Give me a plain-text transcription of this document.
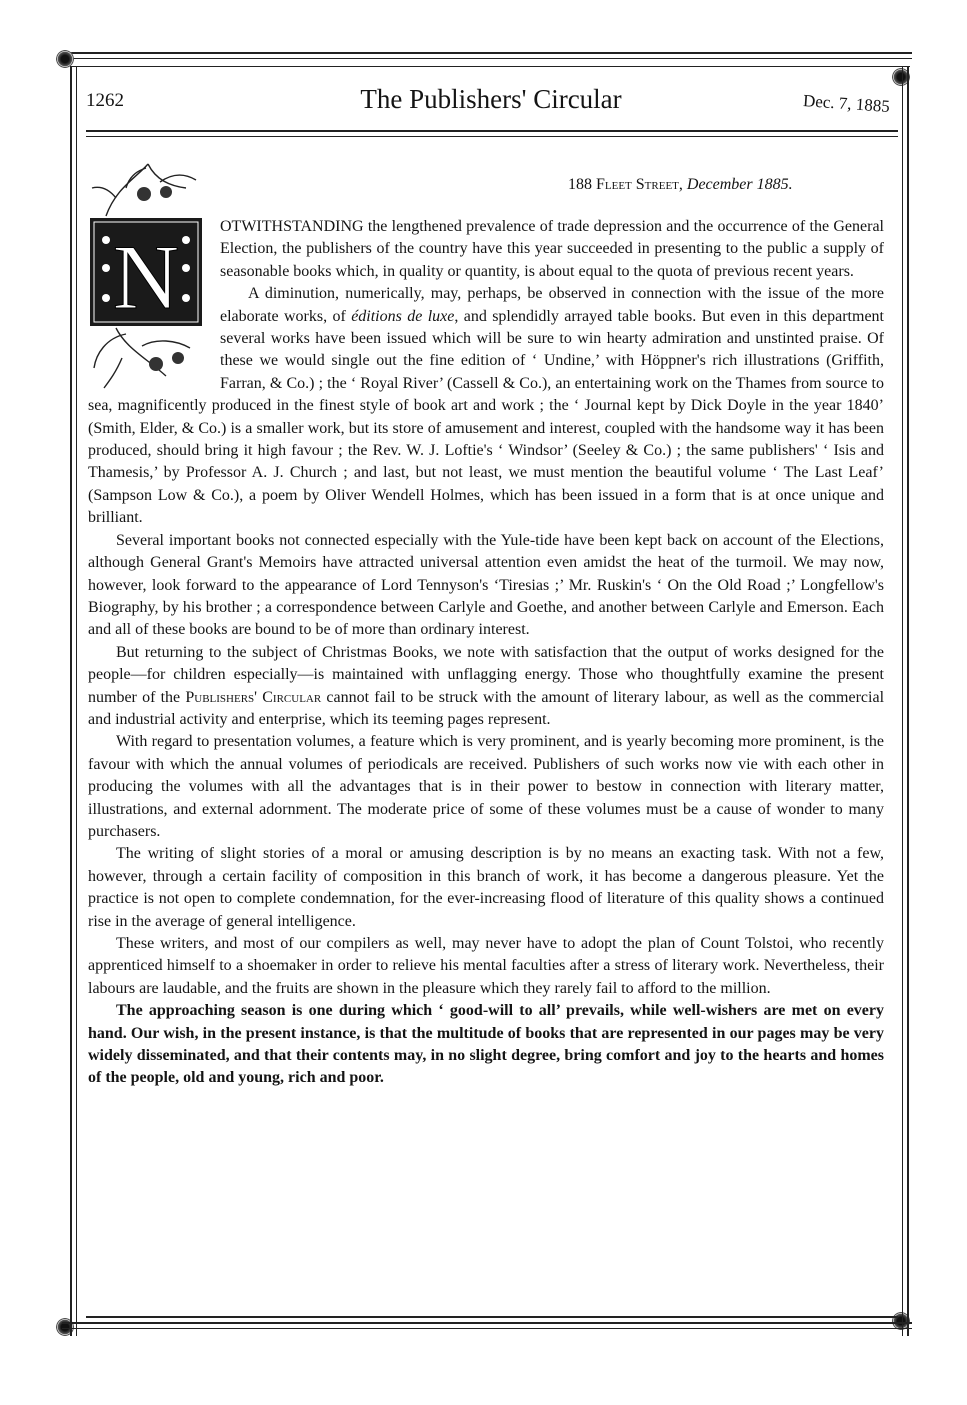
1262	The Publishers' Circular	Dec. 7, 1885
188 Fleet Street, December 1885.
N	OTWITHSTANDING the lengthened prevalence of trade depression and the occurrence of the General Election, the publishers of the country have this year succeeded in presenting to the public a supply of seasonable books which, in quality or quantity, is about equal to the quota of previous recent years.

A diminution, numerically, may, perhaps, be observed in connection with the issue of the more elaborate works, of éditions de luxe, and splendidly arrayed table books. But even in this department several works have been issued which will be sure to win hearty admiration and unstinted praise. Of these we would single out the fine edition of ‘ Undine,’ with Höppner's rich illustrations (Griffith, Farran, & Co.) ; the ‘ Royal River’ (Cassell & Co.), an entertaining work on the Thames from source to sea, magnificently produced in the finest style of book art and work ; the ‘ Journal kept by Dick Doyle in the year 1840’ (Smith, Elder, & Co.) is a smaller work, but its store of amusement and interest, coupled with the handsome way it has been produced, should bring it high favour ; the Rev. W. J. Loftie's ‘ Windsor’ (Seeley & Co.) ; the same publishers' ‘ Isis and Thamesis,’ by Professor A. J. Church ; and last, but not least, we must mention the beautiful volume ‘ The Last Leaf’ (Sampson Low & Co.), a poem by Oliver Wendell Holmes, which has been issued in a form that is at once unique and brilliant.

Several important books not connected especially with the Yule-tide have been kept back on account of the Elections, although General Grant's Memoirs have attracted universal attention even amidst the heat of the turmoil. We may now, however, look forward to the appearance of Lord Tennyson's ‘Tiresias ;’ Mr. Ruskin's ‘ On the Old Road ;’ Longfellow's Biography, by his brother ; a correspondence between Carlyle and Goethe, and another between Carlyle and Emerson. Each and all of these books are bound to be of more than ordinary interest.

But returning to the subject of Christmas Books, we note with satisfaction that the output of works designed for the people—for children especially—is maintained with unflagging energy. Those who thoughtfully examine the present number of the Publishers' Circular cannot fail to be struck with the amount of literary labour, as well as the commercial and industrial activity and enterprise, which its teeming pages represent.

With regard to presentation volumes, a feature which is very prominent, and is yearly becoming more prominent, is the favour with which the annual volumes of periodicals are received. Publishers of such works now vie with each other in producing the volumes with all the advantages that is in their power to bestow in connection with literary matter, illustrations, and external adornment. The moderate price of some of these volumes must be a cause of wonder to many purchasers.

The writing of slight stories of a moral or amusing description is by no means an exacting task. With not a few, however, through a certain facility of composition in this branch of work, it has become a dangerous pleasure. Yet the practice is not open to complete condemnation, for the ever-increasing flood of literature of this quality shows a continued rise in the average of general intelligence.

These writers, and most of our compilers as well, may never have to adopt the plan of Count Tolstoi, who recently apprenticed himself to a shoemaker in order to relieve his mental faculties after a stress of literary work. Nevertheless, their labours are laudable, and the fruits are shown in the pleasure which they rarely fail to afford to the million.

The approaching season is one during which ‘ good-will to all’ prevails, while well-wishers are met on every hand. Our wish, in the present instance, is that the multitude of books that are represented in our pages may be very widely disseminated, and that their contents may, in no slight degree, bring comfort and joy to the hearts and homes of the people, old and young, rich and poor.
